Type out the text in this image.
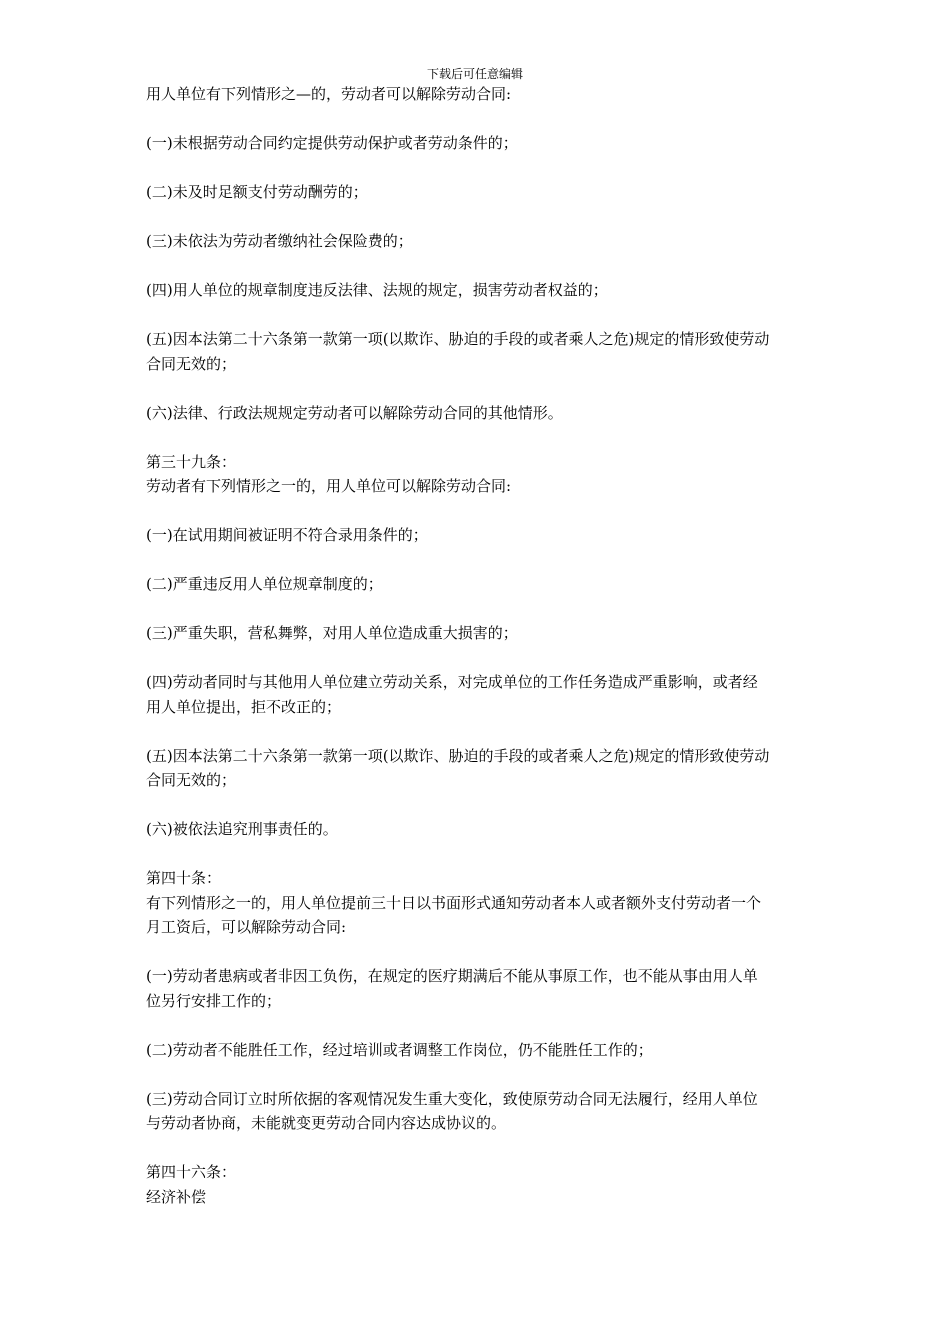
下载后可任意编辑

用人单位有下列情形之—的，劳动者可以解除劳动合同:

(一)未根据劳动合同约定提供劳动保护或者劳动条件的；

(二)未及时足额支付劳动酬劳的；

(三)未依法为劳动者缴纳社会保险费的；

(四)用人单位的规章制度违反法律、法规的规定，损害劳动者权益的；

(五)因本法第二十六条第一款第一项(以欺诈、胁迫的手段的或者乘人之危)规定的情形致使劳动
合同无效的；

(六)法律、行政法规规定劳动者可以解除劳动合同的其他情形。

第三十九条：
劳动者有下列情形之一的，用人单位可以解除劳动合同:

(一)在试用期间被证明不符合录用条件的；

(二)严重违反用人单位规章制度的；

(三)严重失职，营私舞弊，对用人单位造成重大损害的；

(四)劳动者同时与其他用人单位建立劳动关系，对完成单位的工作任务造成严重影响，或者经
用人单位提出，拒不改正的；

(五)因本法第二十六条第一款第一项(以欺诈、胁迫的手段的或者乘人之危)规定的情形致使劳动
合同无效的；

(六)被依法追究刑事责任的。

第四十条：
有下列情形之一的，用人单位提前三十日以书面形式通知劳动者本人或者额外支付劳动者一个
月工资后，可以解除劳动合同:

(一)劳动者患病或者非因工负伤，在规定的医疗期满后不能从事原工作，也不能从事由用人单
位另行安排工作的；

(二)劳动者不能胜任工作，经过培训或者调整工作岗位，仍不能胜任工作的；

(三)劳动合同订立时所依据的客观情况发生重大变化，致使原劳动合同无法履行，经用人单位
与劳动者协商，未能就变更劳动合同内容达成协议的。

第四十六条：
经济补偿
